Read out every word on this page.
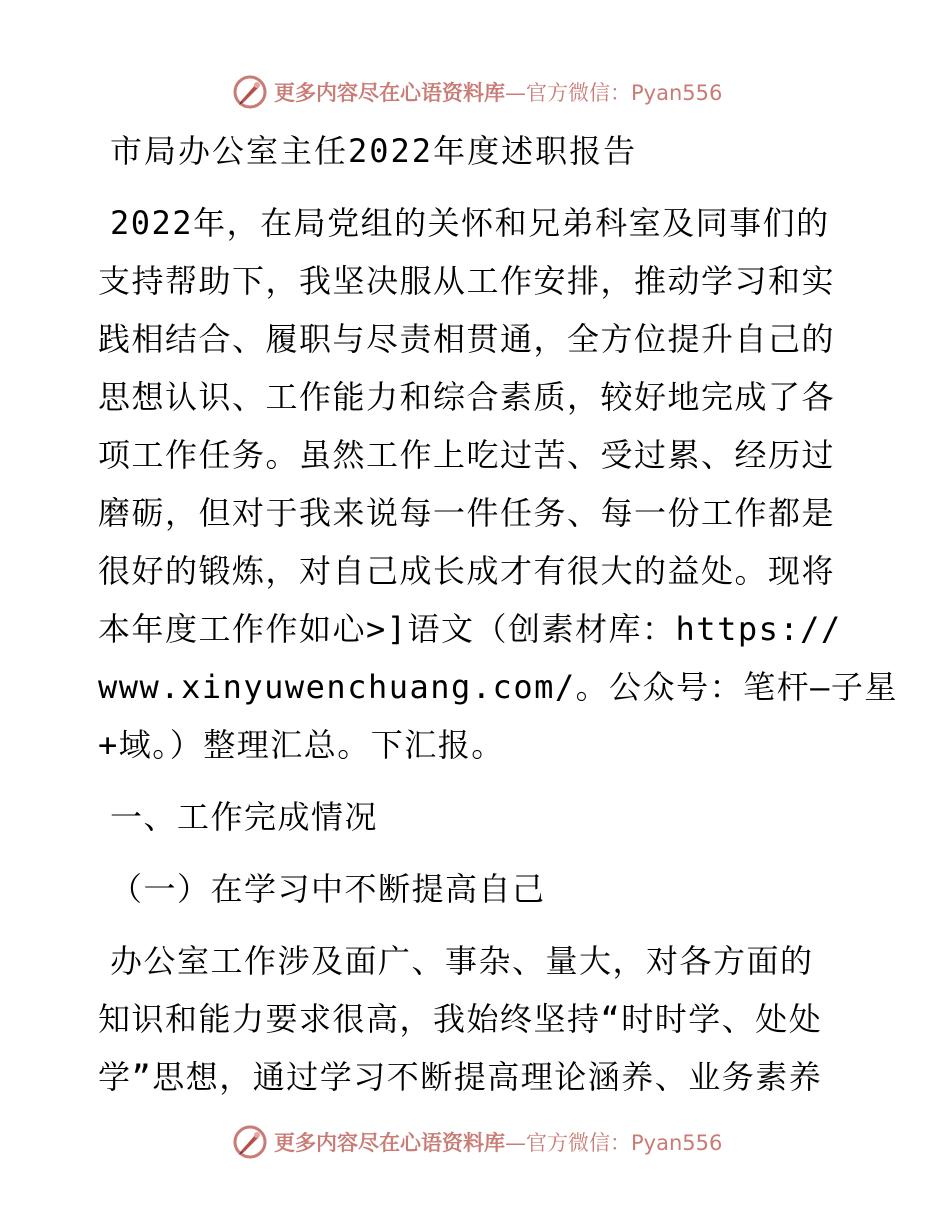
更多内容尽在心语资料库—官方微信：Pyan556
市局办公室主任2022年度述职报告
2022年，在局党组的关怀和兄弟科室及同事们的
支持帮助下，我坚决服从工作安排，推动学习和实
践相结合、履职与尽责相贯通，全方位提升自己的
思想认识、工作能力和综合素质，较好地完成了各
项工作任务。虽然工作上吃过苦、受过累、经历过
磨砺，但对于我来说每一件任务、每一份工作都是
很好的锻炼，对自己成长成才有很大的益处。现将
本年度工作作如心>]语文（创素材库：https://
www.xinyuwenchuang.com/。公众号：笔杆—子星
+域。）整理汇总。下汇报。
一、工作完成情况
（一）在学习中不断提高自己
办公室工作涉及面广、事杂、量大，对各方面的
知识和能力要求很高，我始终坚持“时时学、处处
学”思想，通过学习不断提高理论涵养、业务素养
更多内容尽在心语资料库—官方微信：Pyan556
